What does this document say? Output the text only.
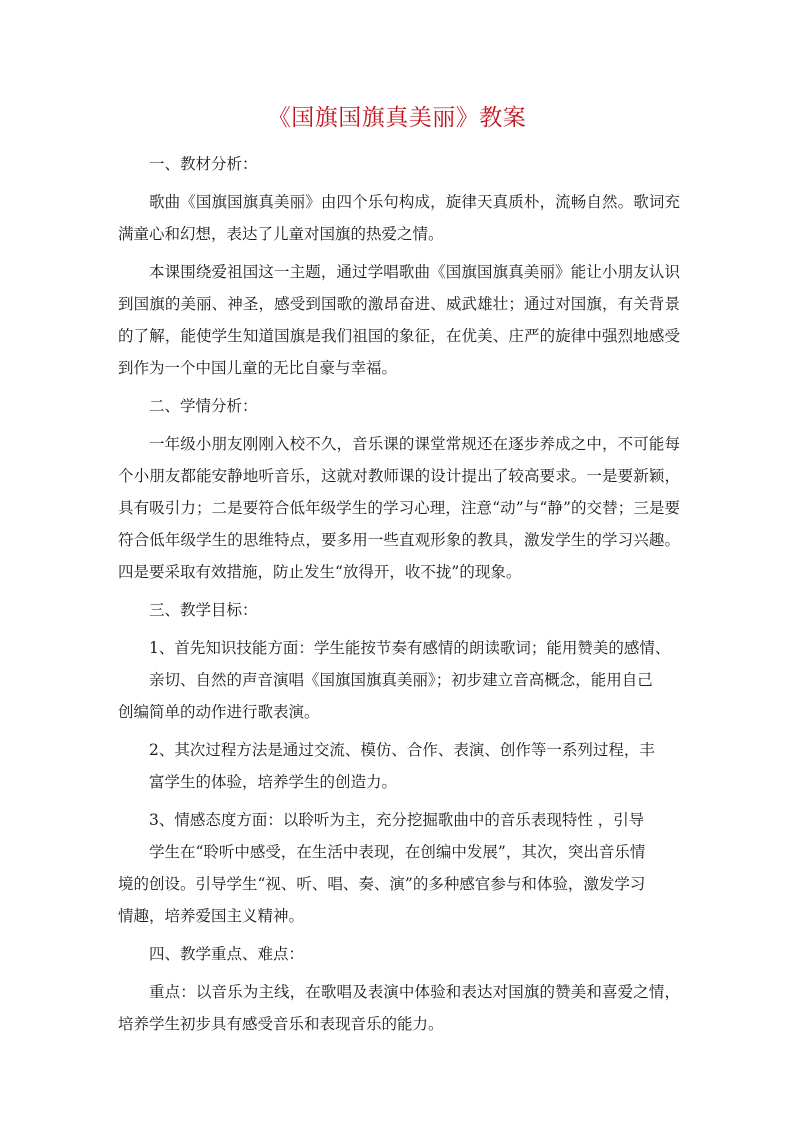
《国旗国旗真美丽》教案
一、教材分析：
歌曲《国旗国旗真美丽》由四个乐句构成，旋律天真质朴，流畅自然。歌词充满童心和幻想，表达了儿童对国旗的热爱之情。
本课围绕爱祖国这一主题，通过学唱歌曲《国旗国旗真美丽》能让小朋友认识到国旗的美丽、神圣，感受到国歌的激昂奋进、威武雄壮；通过对国旗，有关背景的了解，能使学生知道国旗是我们祖国的象征，在优美、庄严的旋律中强烈地感受到作为一个中国儿童的无比自豪与幸福。
二、学情分析：
一年级小朋友刚刚入校不久，音乐课的课堂常规还在逐步养成之中，不可能每个小朋友都能安静地听音乐，这就对教师课的设计提出了较高要求。一是要新颖，具有吸引力；二是要符合低年级学生的学习心理，注意“动”与“静”的交替；三是要符合低年级学生的思维特点，要多用一些直观形象的教具，激发学生的学习兴趣。四是要采取有效措施，防止发生“放得开，收不拢”的现象。
三、教学目标：
1、首先知识技能方面：学生能按节奏有感情的朗读歌词；能用赞美的感情、
亲切、自然的声音演唱《国旗国旗真美丽》；初步建立音高概念，能用自己
创编简单的动作进行歌表演。
2、其次过程方法是通过交流、模仿、合作、表演、创作等一系列过程，丰
富学生的体验，培养学生的创造力。
3、情感态度方面：以聆听为主，充分挖掘歌曲中的音乐表现特性 ，引导
学生在“聆听中感受，在生活中表现，在创编中发展”，其次，突出音乐情
境的创设。引导学生“视、听、唱、奏、演”的多种感官参与和体验，激发学习
情趣，培养爱国主义精神。
四、教学重点、难点：
重点：以音乐为主线，在歌唱及表演中体验和表达对国旗的赞美和喜爱之情，培养学生初步具有感受音乐和表现音乐的能力。
